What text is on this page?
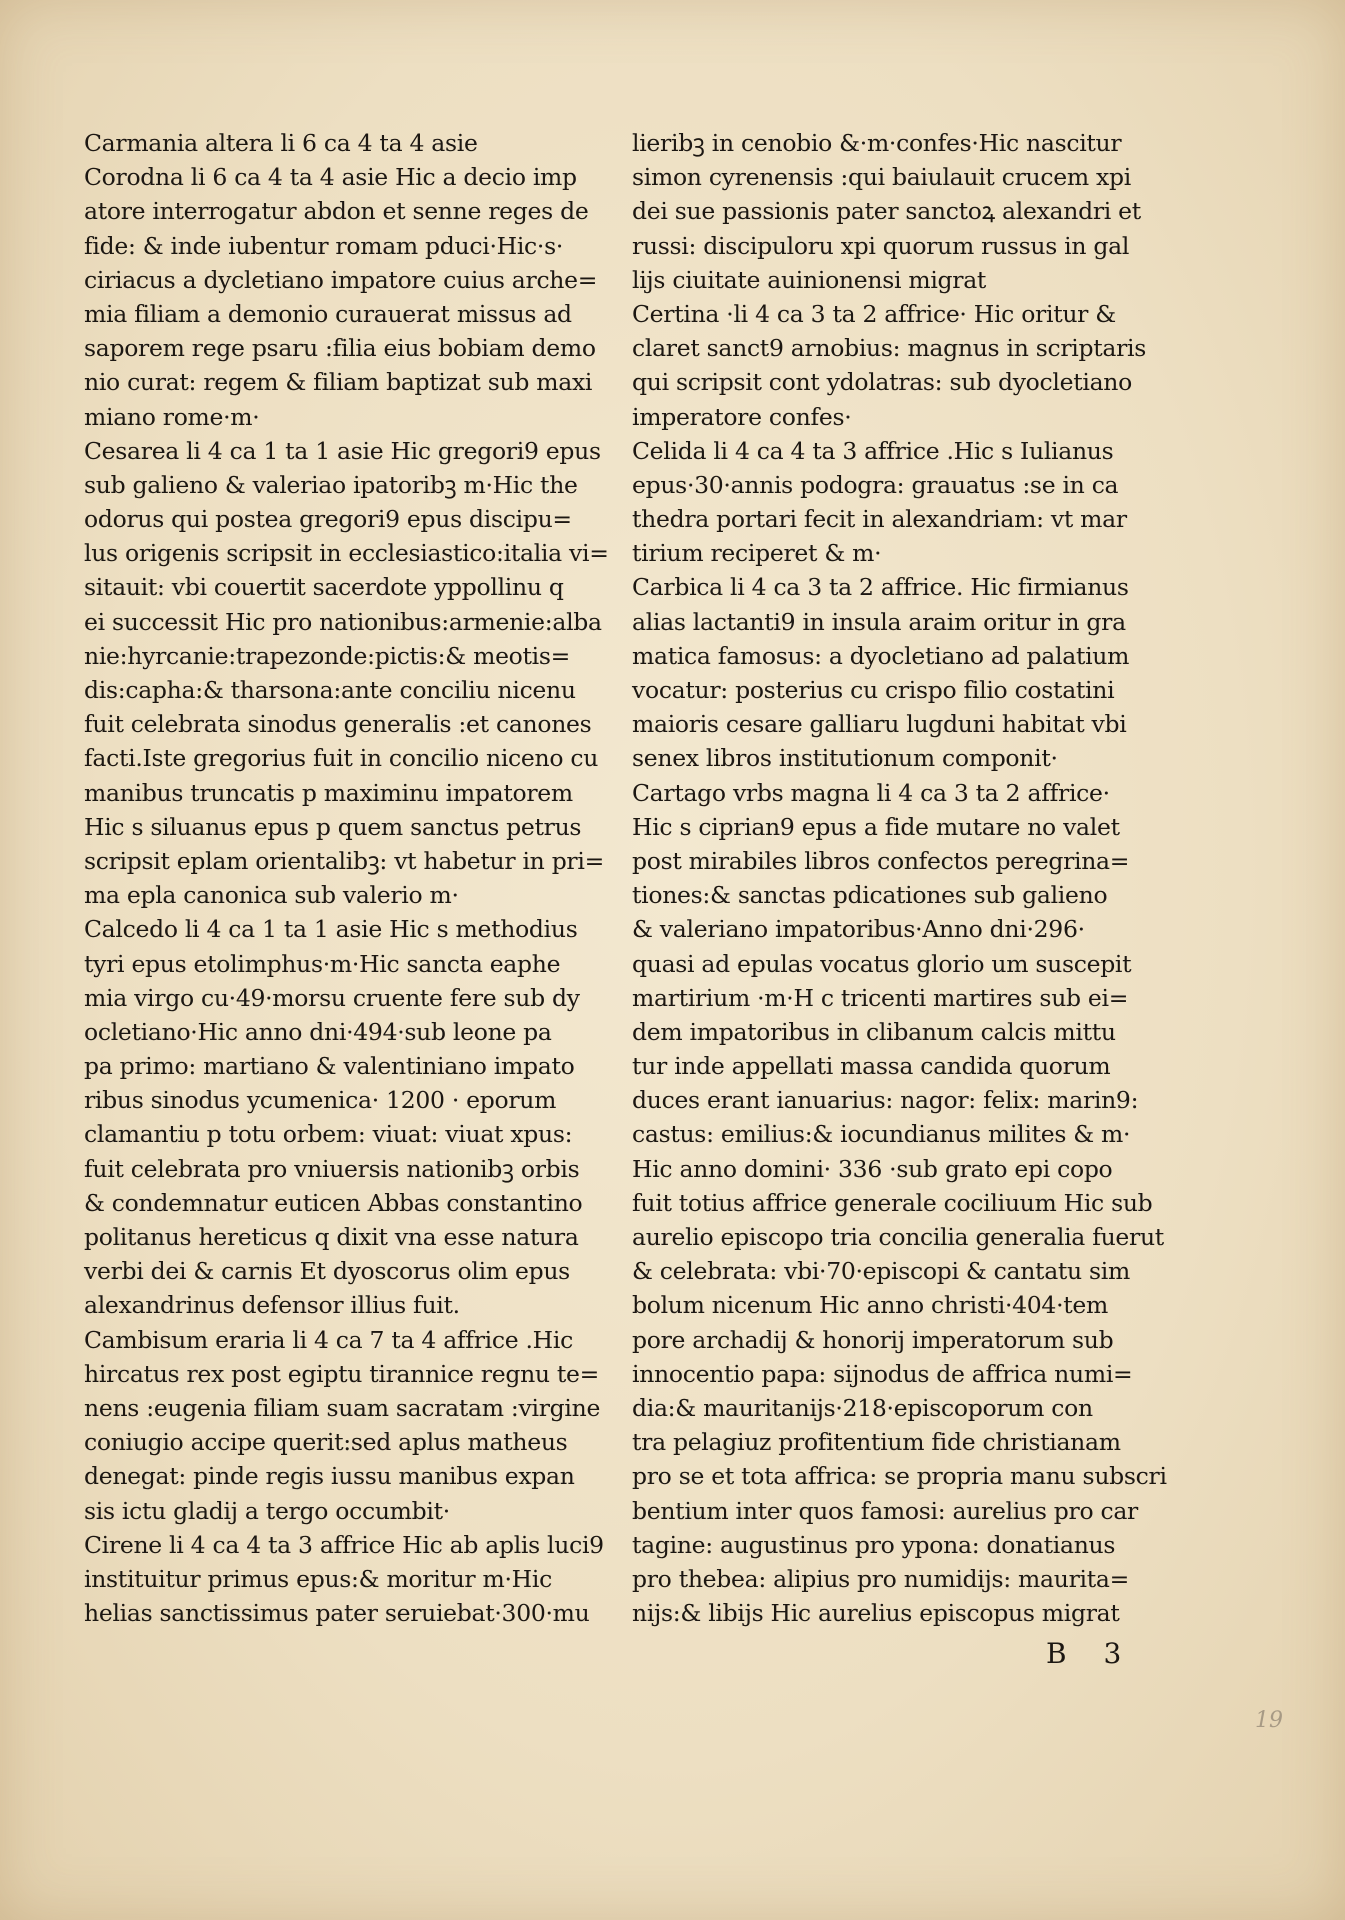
Carmania altera li 6 ca 4 ta 4 asie
Corodna li 6 ca 4 ta 4 asie Hic a decio imp
atore interrogatur abdon et senne reges de
fide: & inde iubentur romam pduci·Hic·s·
ciriacus a dycletiano impatore cuius arche=
mia filiam a demonio curauerat missus ad
saporem rege psaru :filia eius bobiam demo
nio curat: regem & filiam baptizat sub maxi
miano rome·m·
Cesarea li 4 ca 1 ta 1 asie Hic gregori9 epus
sub galieno & valeriao ipatoribꝫ m·Hic the
odorus qui postea gregori9 epus discipu=
lus origenis scripsit in ecclesiastico:italia vi=
sitauit: vbi couertit sacerdote yppollinu q
ei successit Hic pro nationibus:armenie:alba
nie:hyrcanie:trapezonde:pictis:& meotis=
dis:capha:& tharsona:ante conciliu nicenu
fuit celebrata sinodus generalis :et canones
facti.Iste gregorius fuit in concilio niceno cu
manibus truncatis p maximinu impatorem
Hic s siluanus epus p quem sanctus petrus
scripsit eplam orientalibꝫ: vt habetur in pri=
ma epla canonica sub valerio m·
Calcedo li 4 ca 1 ta 1 asie Hic s methodius
tyri epus etolimphus·m·Hic sancta eaphe
mia virgo cu·49·morsu cruente fere sub dy
ocletiano·Hic anno dni·494·sub leone pa
pa primo: martiano & valentiniano impato
ribus sinodus ycumenica· 1200 · eporum
clamantiu p totu orbem: viuat: viuat xpus:
fuit celebrata pro vniuersis nationibꝫ orbis
& condemnatur euticen Abbas constantino
politanus hereticus q dixit vna esse natura
verbi dei & carnis Et dyoscorus olim epus
alexandrinus defensor illius fuit.
Cambisum eraria li 4 ca 7 ta 4 affrice .Hic
hircatus rex post egiptu tirannice regnu te=
nens :eugenia filiam suam sacratam :virgine
coniugio accipe querit:sed aplus matheus
denegat: pinde regis iussu manibus expan
sis ictu gladij a tergo occumbit·
Cirene li 4 ca 4 ta 3 affrice Hic ab aplis luci9
instituitur primus epus:& moritur m·Hic
helias sanctissimus pater seruiebat·300·mu
lieribꝫ in cenobio &·m·confes·Hic nascitur
simon cyrenensis :qui baiulauit crucem xpi
dei sue passionis pater sanctoꝝ alexandri et
russi: discipuloru xpi quorum russus in gal
lijs ciuitate auinionensi migrat
Certina ·li 4 ca 3 ta 2 affrice· Hic oritur &
claret sanct9 arnobius: magnus in scriptaris
qui scripsit cont ydolatras: sub dyocletiano
imperatore confes·
Celida li 4 ca 4 ta 3 affrice .Hic s Iulianus
epus·30·annis podogra: grauatus :se in ca
thedra portari fecit in alexandriam: vt mar
tirium reciperet & m·
Carbica li 4 ca 3 ta 2 affrice. Hic firmianus
alias lactanti9 in insula araim oritur in gra
matica famosus: a dyocletiano ad palatium
vocatur: posterius cu crispo filio costatini
maioris cesare galliaru lugduni habitat vbi
senex libros institutionum componit·
Cartago vrbs magna li 4 ca 3 ta 2 affrice·
Hic s ciprian9 epus a fide mutare no valet
post mirabiles libros confectos peregrina=
tiones:& sanctas pdicationes sub galieno
& valeriano impatoribus·Anno dni·296·
quasi ad epulas vocatus glorio um suscepit
martirium ·m·H c tricenti martires sub ei=
dem impatoribus in clibanum calcis mittu
tur inde appellati massa candida quorum
duces erant ianuarius: nagor: felix: marin9:
castus: emilius:& iocundianus milites & m·
Hic anno domini· 336 ·sub grato epi copo
fuit totius affrice generale cociliuum Hic sub
aurelio episcopo tria concilia generalia fuerut
& celebrata: vbi·70·episcopi & cantatu sim
bolum nicenum Hic anno christi·404·tem
pore archadij & honorij imperatorum sub
innocentio papa: sijnodus de affrica numi=
dia:& mauritanijs·218·episcoporum con
tra pelagiuz profitentium fide christianam
pro se et tota affrica: se propria manu subscri
bentium inter quos famosi: aurelius pro car
tagine: augustinus pro ypona: donatianus
pro thebea: alipius pro numidijs: maurita=
nijs:& libijs Hic aurelius episcopus migrat
B 3
19
